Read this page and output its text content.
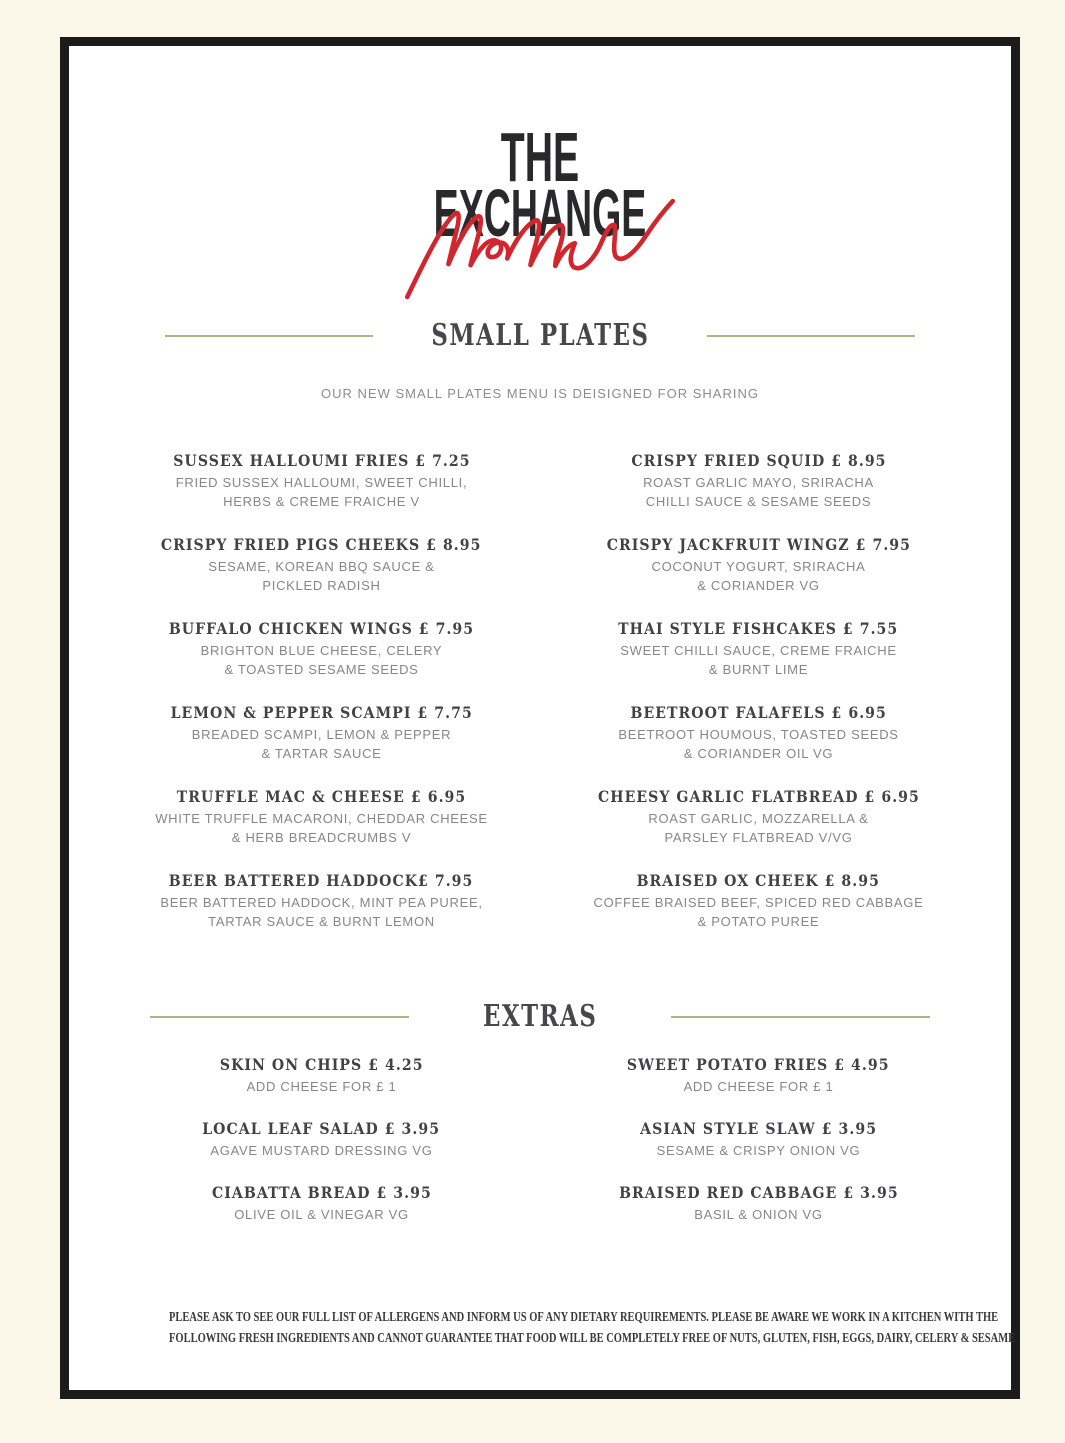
THE
EXCHANGE
SMALL PLATES

OUR NEW SMALL PLATES MENU IS DEISIGNED FOR SHARING

SUSSEX HALLOUMI FRIES £ 7.25
FRIED SUSSEX HALLOUMI, SWEET CHILLI,
HERBS & CREME FRAICHE V
CRISPY FRIED SQUID £ 8.95
ROAST GARLIC MAYO, SRIRACHA
CHILLI SAUCE & SESAME SEEDS
CRISPY FRIED PIGS CHEEKS £ 8.95
SESAME, KOREAN BBQ SAUCE &
PICKLED RADISH
CRISPY JACKFRUIT WINGZ £ 7.95
COCONUT YOGURT, SRIRACHA
& CORIANDER VG
BUFFALO CHICKEN WINGS £ 7.95
BRIGHTON BLUE CHEESE, CELERY
& TOASTED SESAME SEEDS
THAI STYLE FISHCAKES £ 7.55
SWEET CHILLI SAUCE, CREME FRAICHE
& BURNT LIME
LEMON & PEPPER SCAMPI £ 7.75
BREADED SCAMPI, LEMON & PEPPER
& TARTAR SAUCE
BEETROOT FALAFELS £ 6.95
BEETROOT HOUMOUS, TOASTED SEEDS
& CORIANDER OIL VG
TRUFFLE MAC & CHEESE £ 6.95
WHITE TRUFFLE MACARONI, CHEDDAR CHEESE
& HERB BREADCRUMBS V
CHEESY GARLIC FLATBREAD £ 6.95
ROAST GARLIC, MOZZARELLA &
PARSLEY FLATBREAD V/VG
BEER BATTERED HADDOCK£ 7.95
BEER BATTERED HADDOCK, MINT PEA PUREE,
TARTAR SAUCE & BURNT LEMON
BRAISED OX CHEEK £ 8.95
COFFEE BRAISED BEEF, SPICED RED CABBAGE
& POTATO PUREE
EXTRAS
SKIN ON CHIPS £ 4.25
ADD CHEESE FOR £ 1
SWEET POTATO FRIES £ 4.95
ADD CHEESE FOR £ 1
LOCAL LEAF SALAD £ 3.95
AGAVE MUSTARD DRESSING VG
ASIAN STYLE SLAW £ 3.95
SESAME & CRISPY ONION VG
CIABATTA BREAD £ 3.95
OLIVE OIL & VINEGAR VG
BRAISED RED CABBAGE £ 3.95
BASIL & ONION VG
PLEASE ASK TO SEE OUR FULL LIST OF ALLERGENS AND INFORM US OF ANY DIETARY REQUIREMENTS. PLEASE BE AWARE WE WORK IN A KITCHEN WITH THE
FOLLOWING FRESH INGREDIENTS AND CANNOT GUARANTEE THAT FOOD WILL BE COMPLETELY FREE OF NUTS, GLUTEN, FISH, EGGS, DAIRY, CELERY & SESAME
